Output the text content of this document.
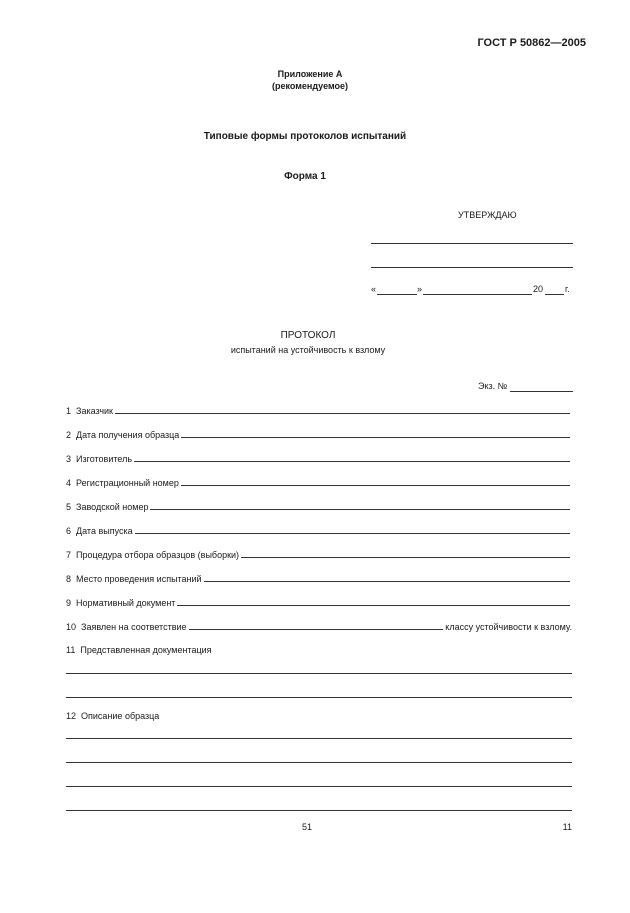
ГОСТ Р 50862—2005
Приложение А
(рекомендуемое)
Типовые формы протоколов испытаний
Форма 1
УТВЕРЖДАЮ
«	»	20 г.
ПРОТОКОЛ
испытаний на устойчивость к взлому
Экз. №
1 Заказчик
2 Дата получения образца
3 Изготовитель
4 Регистрационный номер
5 Заводской номер
6 Дата выпуска
7 Процедура отбора образцов (выборки)
8 Место проведения испытаний
9 Нормативный документ
10 Заявлен на соответствие	классу устойчивости к взлому.
11 Представленная документация
12 Описание образца
51	11
